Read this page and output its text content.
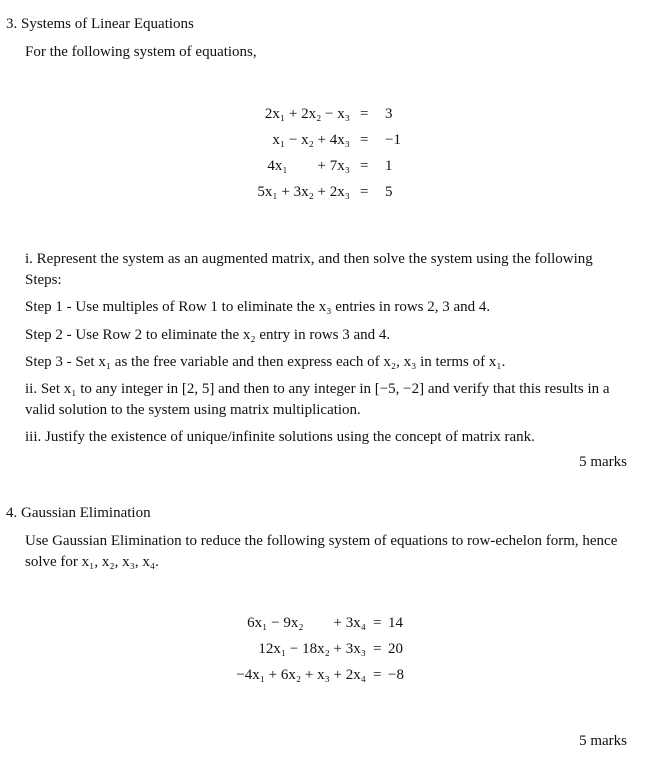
3. Systems of Linear Equations
For the following system of equations,
2x₁ + 2x₂ − x₃ = 3
x₁ − x₂ + 4x₃ = −1
4x₁        + 7x₃ = 1
5x₁ + 3x₂ + 2x₃ = 5
i. Represent the system as an augmented matrix, and then solve the system using the following Steps:
Step 1 - Use multiples of Row 1 to eliminate the x₃ entries in rows 2, 3 and 4.
Step 2 - Use Row 2 to eliminate the x₂ entry in rows 3 and 4.
Step 3 - Set x₁ as the free variable and then express each of x₂, x₃ in terms of x₁.
ii. Set x₁ to any integer in [2, 5] and then to any integer in [−5, −2] and verify that this results in a valid solution to the system using matrix multiplication.
iii. Justify the existence of unique/infinite solutions using the concept of matrix rank.
5 marks
4. Gaussian Elimination
Use Gaussian Elimination to reduce the following system of equations to row-echelon form, hence solve for x₁, x₂, x₃, x₄.
6x₁ − 9x₂        + 3x₄ = 14
12x₁ − 18x₂ + 3x₃ = 20
−4x₁ + 6x₂ + x₃ + 2x₄ = −8
5 marks
